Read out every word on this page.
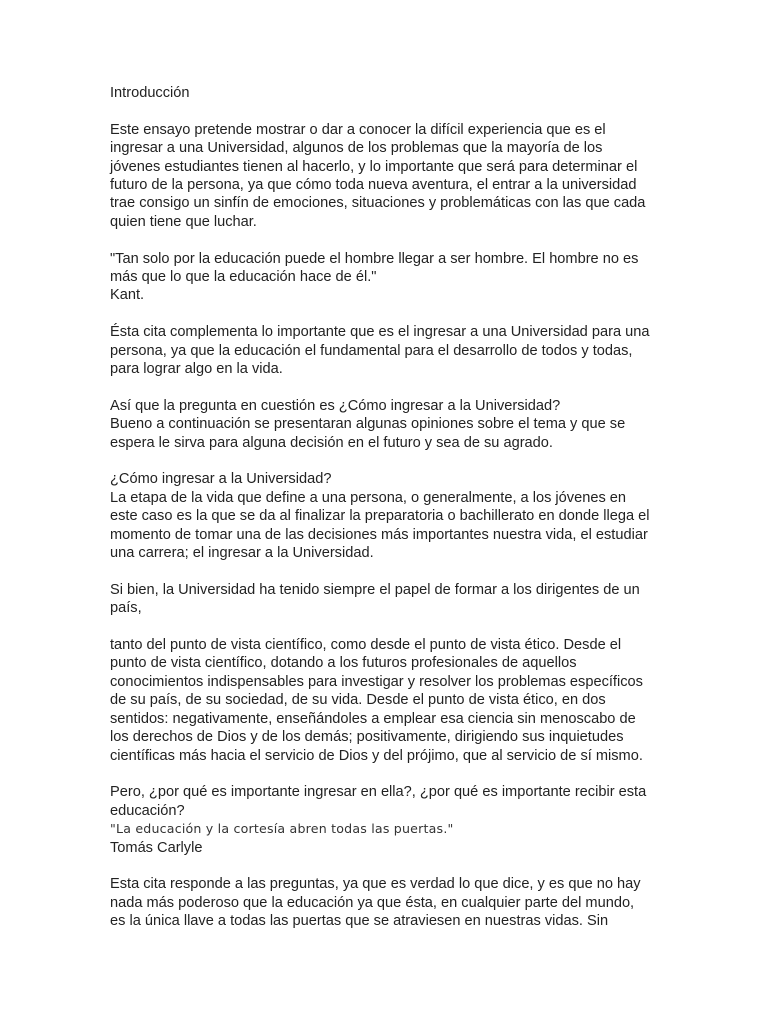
Introducción

Este ensayo pretende mostrar o dar a conocer la difícil experiencia que es el
ingresar a una Universidad, algunos de los problemas que la mayoría de los
jóvenes estudiantes tienen al hacerlo, y lo importante que será para determinar el
futuro de la persona, ya que cómo toda nueva aventura, el entrar a la universidad
trae consigo un sinfín de emociones, situaciones y problemáticas con las que cada
quien tiene que luchar.

"Tan solo por la educación puede el hombre llegar a ser hombre. El hombre no es
más que lo que la educación hace de él."
Kant.

Ésta cita complementa lo importante que es el ingresar a una Universidad para una
persona, ya que la educación el fundamental para el desarrollo de todos y todas,
para lograr algo en la vida.

Así que la pregunta en cuestión es ¿Cómo ingresar a la Universidad?
Bueno a continuación se presentaran algunas opiniones sobre el tema y que se
espera le sirva para alguna decisión en el futuro y sea de su agrado.

¿Cómo ingresar a la Universidad?
La etapa de la vida que define a una persona, o generalmente, a los jóvenes en
este caso es la que se da al finalizar la preparatoria o bachillerato en donde llega el
momento de tomar una de las decisiones más importantes nuestra vida, el estudiar
una carrera; el ingresar a la Universidad.

Si bien, la Universidad ha tenido siempre el papel de formar a los dirigentes de un
país,

tanto del punto de vista científico, como desde el punto de vista ético. Desde el
punto de vista científico, dotando a los futuros profesionales de aquellos
conocimientos indispensables para investigar y resolver los problemas específicos
de su país, de su sociedad, de su vida. Desde el punto de vista ético, en dos
sentidos: negativamente, enseñándoles a emplear esa ciencia sin menoscabo de
los derechos de Dios y de los demás; positivamente, dirigiendo sus inquietudes
científicas más hacia el servicio de Dios y del prójimo, que al servicio de sí mismo.

Pero, ¿por qué es importante ingresar en ella?, ¿por qué es importante recibir esta
educación?
"La educación y la cortesía abren todas las puertas."
Tomás Carlyle

Esta cita responde a las preguntas, ya que es verdad lo que dice, y es que no hay
nada más poderoso que la educación ya que ésta, en cualquier parte del mundo,
es la única llave a todas las puertas que se atraviesen en nuestras vidas. Sin
